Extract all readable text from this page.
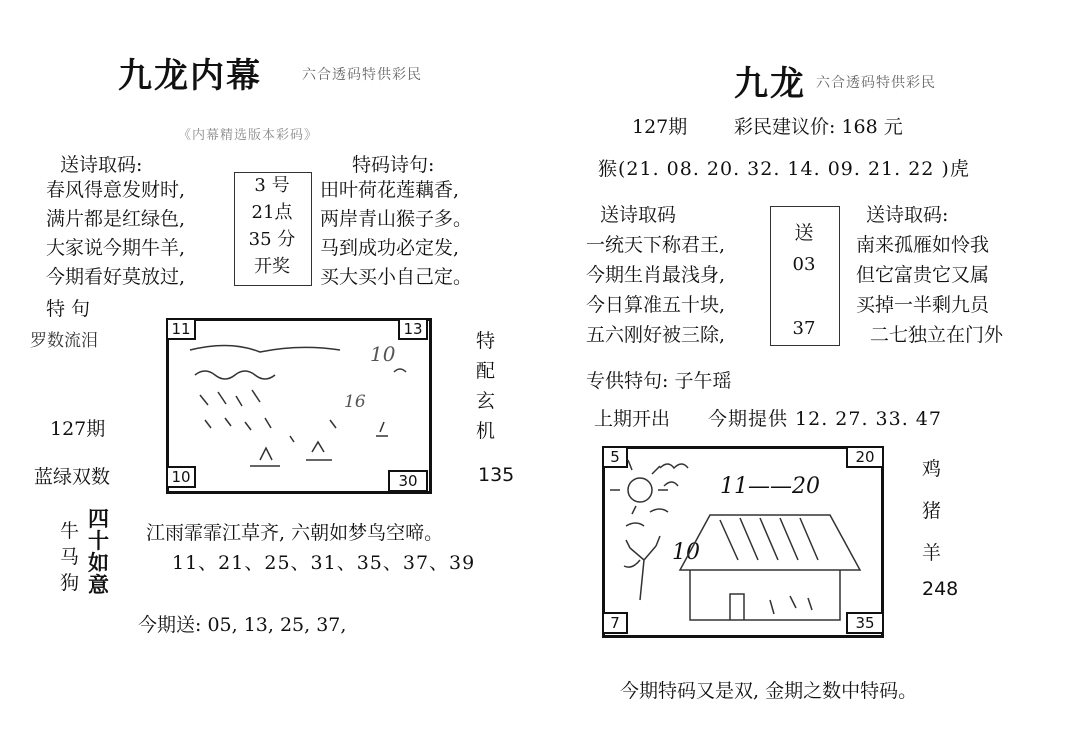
九龙内幕	六合透码特供彩民
《内幕精选版本彩码》
送诗取码:	特码诗句:
春风得意发财时,
满片都是红绿色,
大家说今期牛羊,
今期看好莫放过,
3 号
21点
35 分
开奖
田叶荷花莲藕香,
两岸青山猴子多。
马到成功必定发,
买大买小自己定。
特 句
罗数流泪
127期
蓝绿双数
牛
马
狗
四
十
如
意
11	13
10	30
10
16
特
配
玄
机
135
江雨霏霏江草齐, 六朝如梦鸟空啼。
11、21、25、31、35、37、39
今期送: 05, 13, 25, 37,
九龙 六合透码特供彩民
127期 彩民建议价: 168 元
猴(21. 08. 20. 32. 14. 09. 21. 22 )虎
送诗取码	送诗取码:
一统天下称君王,
今期生肖最浅身,
今日算准五十块,
五六刚好被三除,
送
03
37
南来孤雁如怜我
但它富贵它又属
买掉一半剩九员
二七独立在门外
专供特句: 子午瑶
上期开出 今期提供 12. 27. 33. 47
5	20
7	35
11——20
10
鸡
猪
羊
248
今期特码又是双, 金期之数中特码。
